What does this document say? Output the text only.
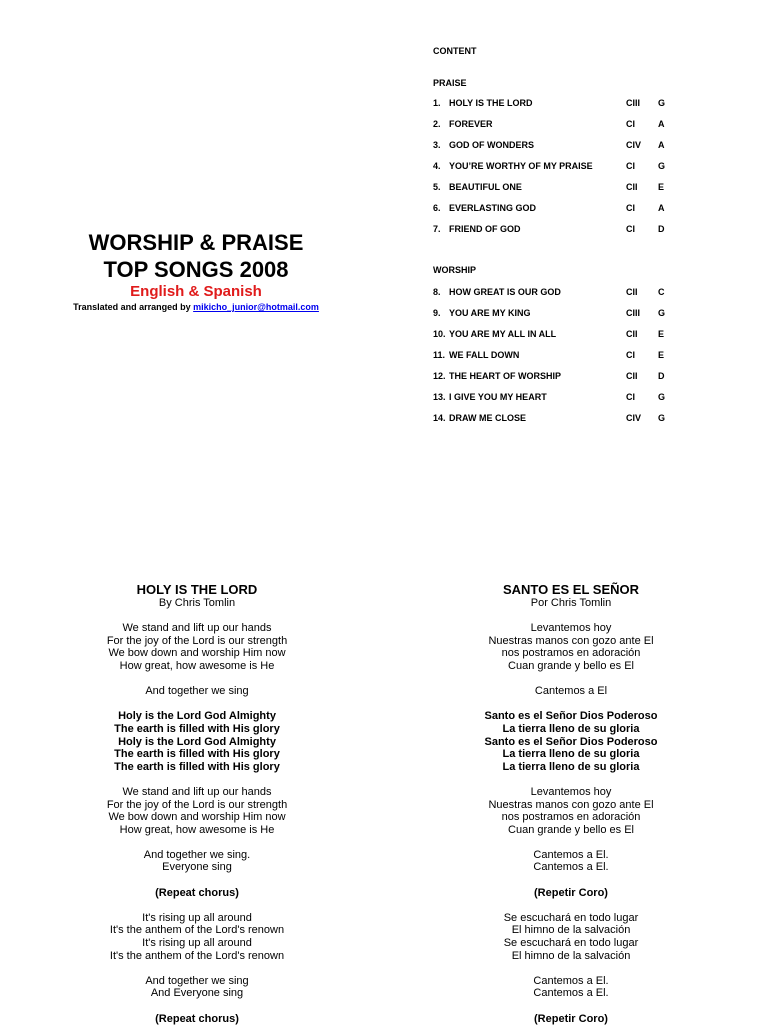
WORSHIP & PRAISE
TOP SONGS 2008
English & Spanish
Translated and arranged by mikicho_junior@hotmail.com
CONTENT
PRAISE
1. HOLY IS THE LORD	CIII G
2. FOREVER	CI	A
3. GOD OF WONDERS	CIV A
4. YOU’RE WORTHY OF MY PRAISE	CI	G
5. BEAUTIFUL ONE	CII E
6. EVERLASTING GOD	CI	A
7. FRIEND OF GOD	CI	D
WORSHIP
8. HOW GREAT IS OUR GOD	CII C
9. YOU ARE MY KING	CIII G
10. YOU ARE MY ALL IN ALL	CII E
11. WE FALL DOWN	CI	E
12. THE HEART OF WORSHIP	CII D
13. I GIVE YOU MY HEART	CI	G
14. DRAW ME CLOSE	CIV G
HOLY IS THE LORD
By Chris Tomlin
We stand and lift up our hands
For the joy of the Lord is our strength
We bow down and worship Him now
How great, how awesome is He
And together we sing
Holy is the Lord God Almighty
The earth is filled with His glory
Holy is the Lord God Almighty
The earth is filled with His glory
The earth is filled with His glory
We stand and lift up our hands
For the joy of the Lord is our strength
We bow down and worship Him now
How great, how awesome is He
And together we sing.
Everyone sing
(Repeat chorus)
It's rising up all around
It's the anthem of the Lord's renown
It's rising up all around
It's the anthem of the Lord's renown
And together we sing
And Everyone sing
(Repeat chorus)
SANTO ES EL SEÑOR
Por Chris Tomlin
Levantemos hoy
Nuestras manos con gozo ante El
nos postramos en adoración
Cuan grande y bello es El
Cantemos a El
Santo es el Señor Dios Poderoso
La tierra lleno de su gloria
Santo es el Señor Dios Poderoso
La tierra lleno de su gloria
La tierra lleno de su gloria
Levantemos hoy
Nuestras manos con gozo ante El
nos postramos en adoración
Cuan grande y bello es El
Cantemos a El.
Cantemos a El.
(Repetir Coro)
Se escuchará en todo lugar
El himno de la salvación
Se escuchará en todo lugar
El himno de la salvación
Cantemos a El.
Cantemos a El.
(Repetir Coro)
